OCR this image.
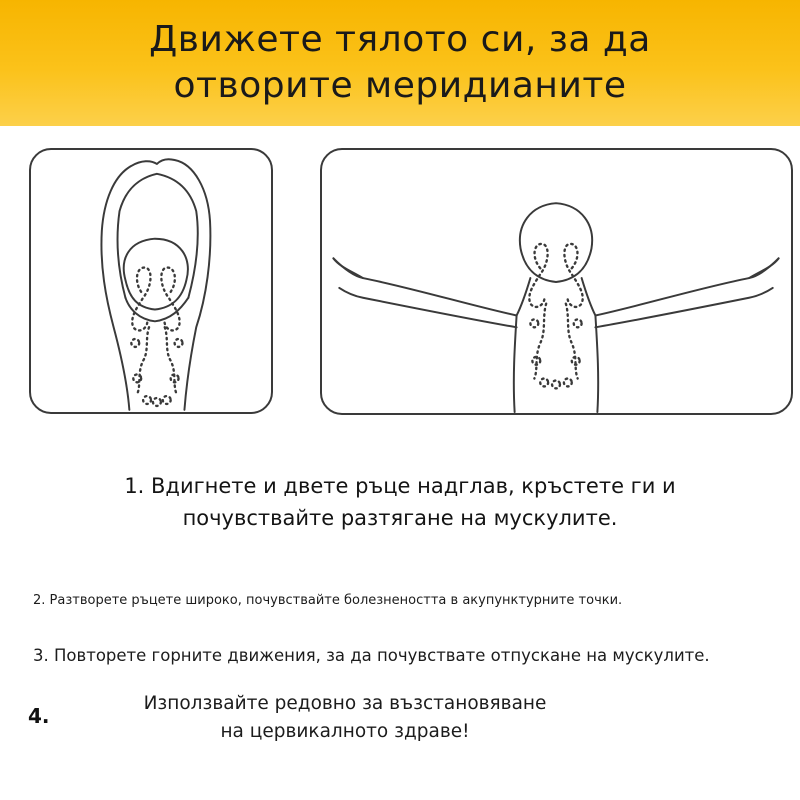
Движете тялото си, за да
отворите меридианите
1. Вдигнете и двете ръце надглав, кръстете ги и
почувствайте разтягане на мускулите.
2. Разтворете ръцете широко, почувствайте болезнеността в акупунктурните точки.
3. Повторете горните движения, за да почувствате отпускане на мускулите.
4.
Използвайте редовно за възстановяване
на цервикалното здраве!
